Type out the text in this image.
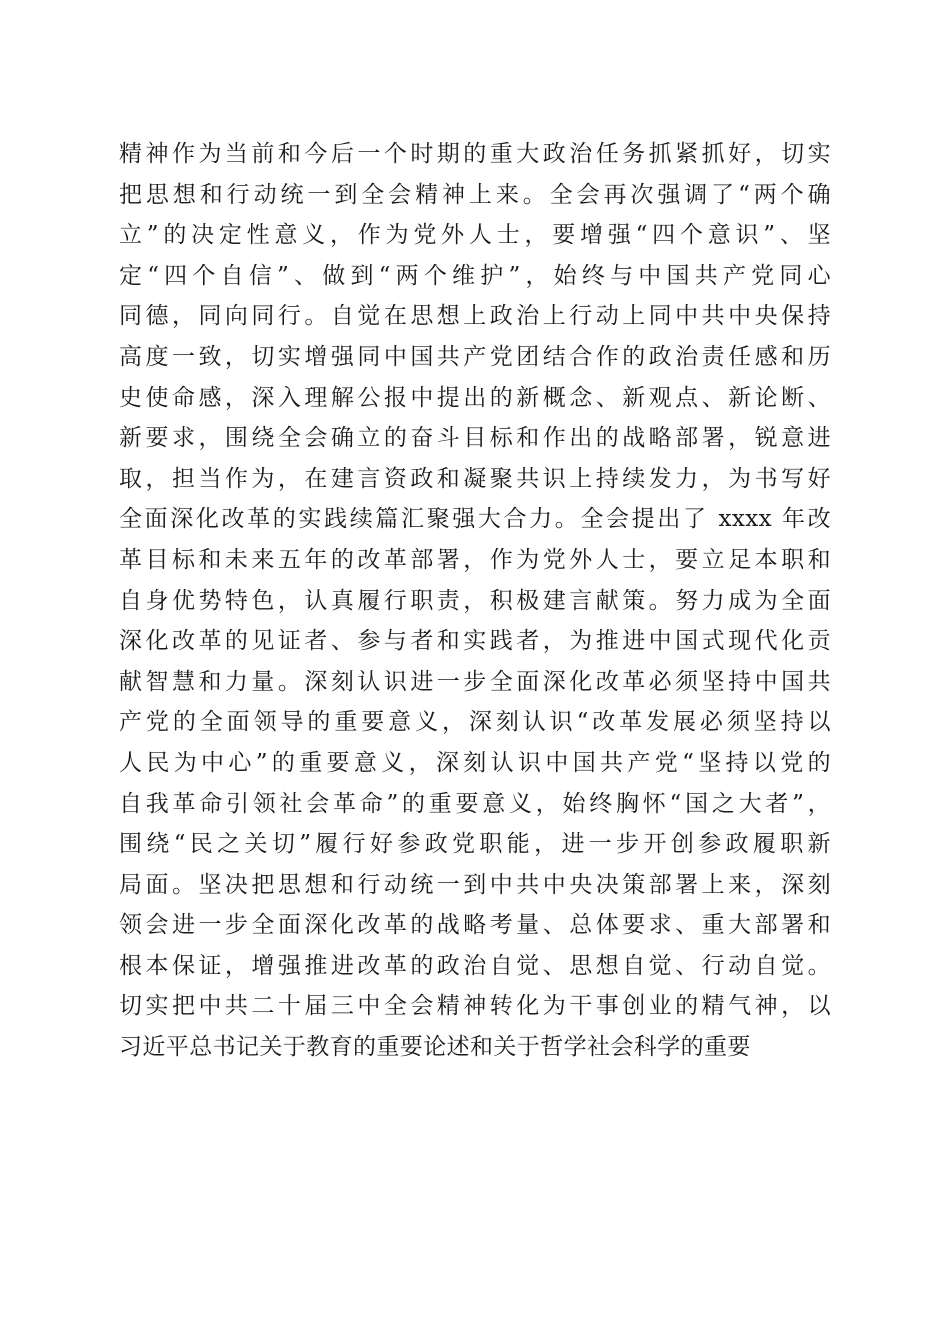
精神作为当前和今后一个时期的重大政治任务抓紧抓好，切实
把思想和行动统一到全会精神上来。全会再次强调了“两个确
立”的决定性意义，作为党外人士，要增强“四个意识”、坚
定“四个自信”、做到“两个维护”，始终与中国共产党同心
同德，同向同行。自觉在思想上政治上行动上同中共中央保持
高度一致，切实增强同中国共产党团结合作的政治责任感和历
史使命感，深入理解公报中提出的新概念、新观点、新论断、
新要求，围绕全会确立的奋斗目标和作出的战略部署，锐意进
取，担当作为，在建言资政和凝聚共识上持续发力，为书写好
全面深化改革的实践续篇汇聚强大合力。全会提出了 xxxx 年改
革目标和未来五年的改革部署，作为党外人士，要立足本职和
自身优势特色，认真履行职责，积极建言献策。努力成为全面
深化改革的见证者、参与者和实践者，为推进中国式现代化贡
献智慧和力量。深刻认识进一步全面深化改革必须坚持中国共
产党的全面领导的重要意义，深刻认识“改革发展必须坚持以
人民为中心”的重要意义，深刻认识中国共产党“坚持以党的
自我革命引领社会革命”的重要意义，始终胸怀“国之大者”，
围绕“民之关切”履行好参政党职能，进一步开创参政履职新
局面。坚决把思想和行动统一到中共中央决策部署上来，深刻
领会进一步全面深化改革的战略考量、总体要求、重大部署和
根本保证，增强推进改革的政治自觉、思想自觉、行动自觉。
切实把中共二十届三中全会精神转化为干事创业的精气神，以
习近平总书记关于教育的重要论述和关于哲学社会科学的重要
